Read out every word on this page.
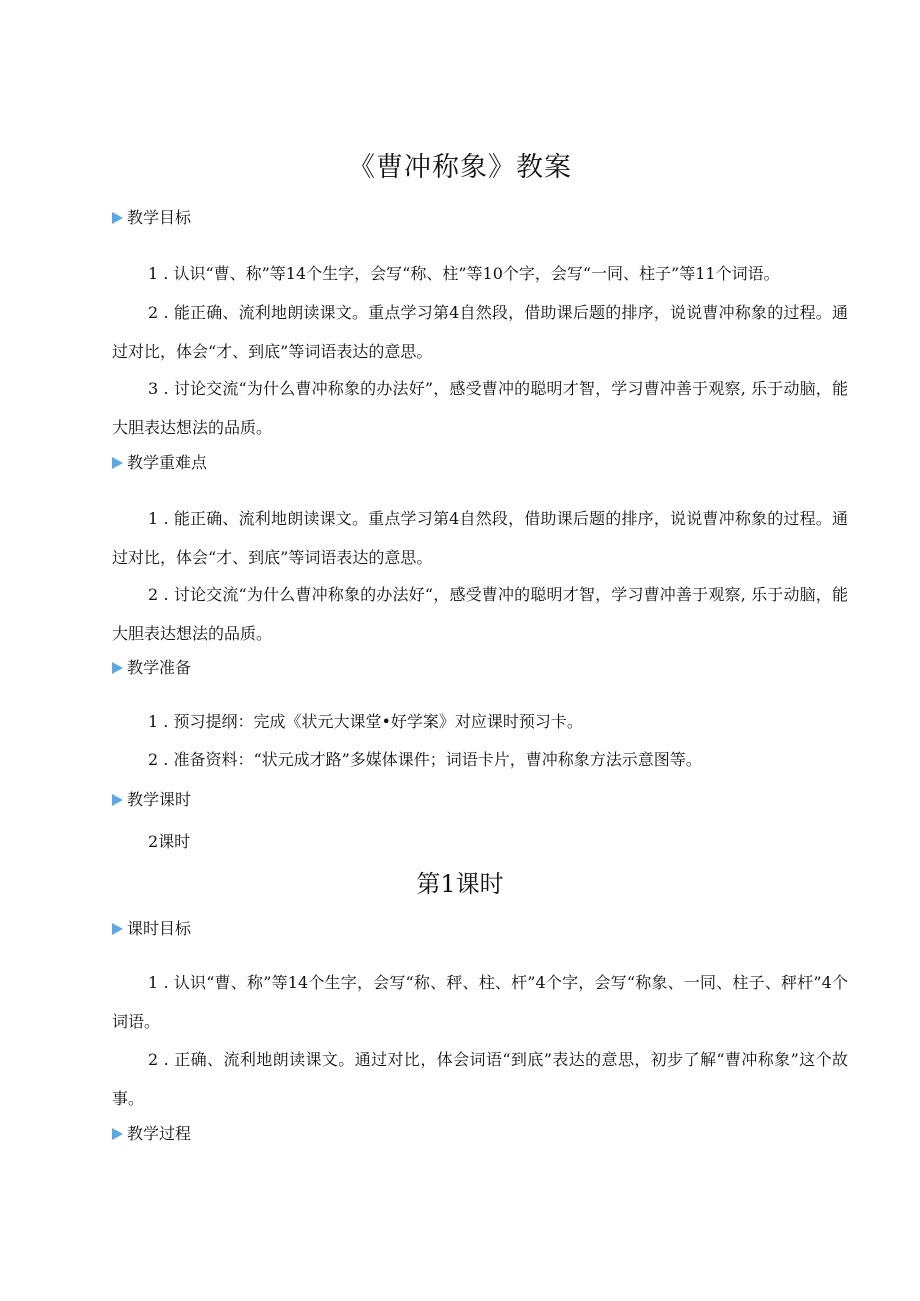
《曹冲称象》教案
教学目标
1 . 认识“曹、称”等14个生字，会写“称、柱”等10个字，会写“一同、柱子”等11个词语。
2 . 能正确、流利地朗读课文。重点学习第4自然段，借助课后题的排序，说说曹冲称象的过程。通过对比，体会“才、到底”等词语表达的意思。
3 . 讨论交流“为什么曹冲称象的办法好”，感受曹冲的聪明才智，学习曹冲善于观察, 乐于动脑，能大胆表达想法的品质。
教学重难点
1 . 能正确、流利地朗读课文。重点学习第4自然段，借助课后题的排序，说说曹冲称象的过程。通过对比，体会“才、到底”等词语表达的意思。
2 . 讨论交流“为什么曹冲称象的办法好“，感受曹冲的聪明才智，学习曹冲善于观察, 乐于动脑，能大胆表达想法的品质。
教学准备
1 . 预习提纲：完成《状元大课堂•好学案》对应课时预习卡。
2 . 准备资料：“状元成才路”多媒体课件；词语卡片，曹冲称象方法示意图等。
教学课时
2课时
第1课时
课时目标
1 . 认识“曹、称”等14个生字，会写“称、秤、柱、杆”4个字，会写“称象、一同、柱子、秤杆”4个词语。
2 . 正确、流利地朗读课文。通过对比，体会词语“到底”表达的意思，初步了解“曹冲称象”这个故事。
教学过程
